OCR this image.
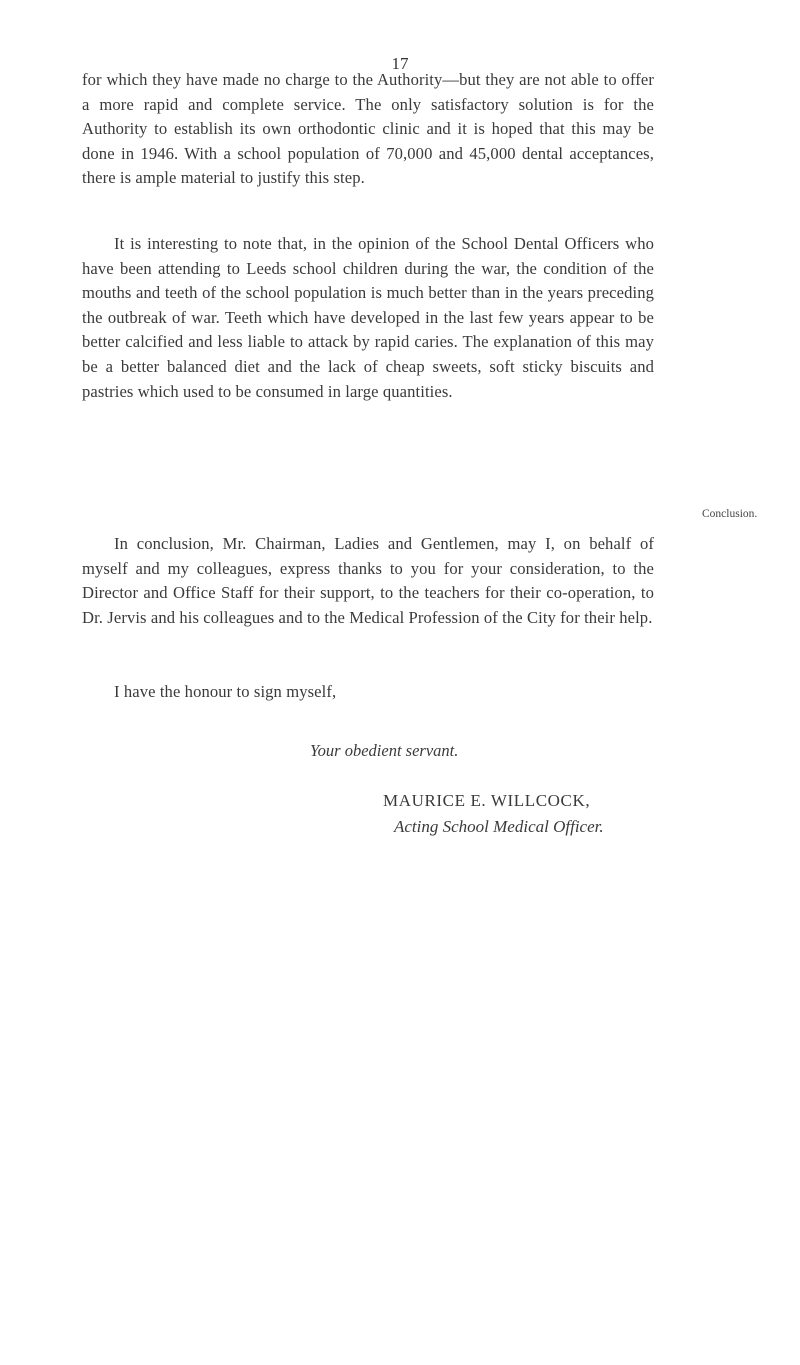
17

for which they have made no charge to the Authority—but they are not able to offer a more rapid and complete service. The only satisfactory solution is for the Authority to establish its own orthodontic clinic and it is hoped that this may be done in 1946. With a school population of 70,000 and 45,000 dental acceptances, there is ample material to justify this step.

It is interesting to note that, in the opinion of the School Dental Officers who have been attending to Leeds school children during the war, the condition of the mouths and teeth of the school population is much better than in the years preceding the outbreak of war. Teeth which have developed in the last few years appear to be better calcified and less liable to attack by rapid caries. The explanation of this may be a better balanced diet and the lack of cheap sweets, soft sticky biscuits and pastries which used to be consumed in large quantities.

Conclusion.

In conclusion, Mr. Chairman, Ladies and Gentlemen, may I, on behalf of myself and my colleagues, express thanks to you for your consideration, to the Director and Office Staff for their support, to the teachers for their co-operation, to Dr. Jervis and his colleagues and to the Medical Profession of the City for their help.

I have the honour to sign myself,

Your obedient servant.
MAURICE E. WILLCOCK,
Acting School Medical Officer.
